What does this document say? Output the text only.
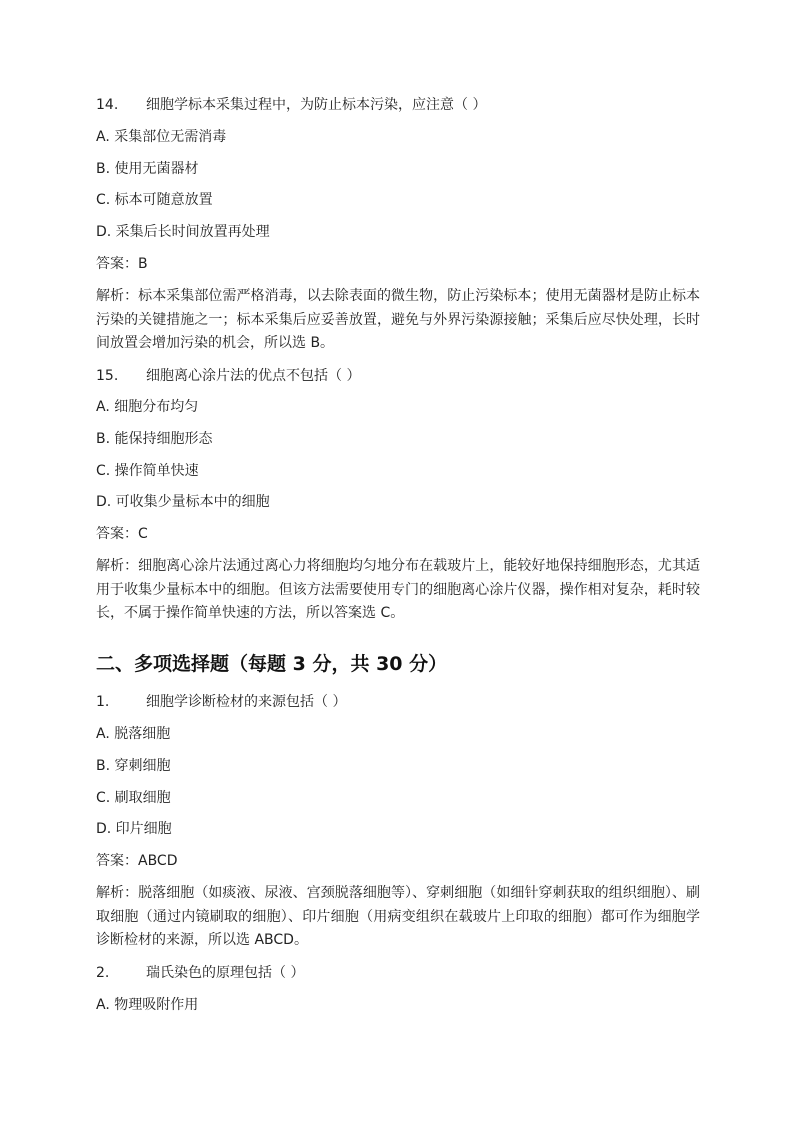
14. 细胞学标本采集过程中，为防止标本污染，应注意（ ）
A. 采集部位无需消毒
B. 使用无菌器材
C. 标本可随意放置
D. 采集后长时间放置再处理
答案：B
解析：标本采集部位需严格消毒，以去除表面的微生物，防止污染标本；使用无菌器材是防止标本污染的关键措施之一；标本采集后应妥善放置，避免与外界污染源接触；采集后应尽快处理，长时间放置会增加污染的机会，所以选 B。
15. 细胞离心涂片法的优点不包括（ ）
A. 细胞分布均匀
B. 能保持细胞形态
C. 操作简单快速
D. 可收集少量标本中的细胞
答案：C
解析：细胞离心涂片法通过离心力将细胞均匀地分布在载玻片上，能较好地保持细胞形态，尤其适用于收集少量标本中的细胞。但该方法需要使用专门的细胞离心涂片仪器，操作相对复杂，耗时较长，不属于操作简单快速的方法，所以答案选 C。
二、多项选择题（每题 3 分，共 30 分）
1.	细胞学诊断检材的来源包括（ ）
A. 脱落细胞
B. 穿刺细胞
C. 刷取细胞
D. 印片细胞
答案：ABCD
解析：脱落细胞（如痰液、尿液、宫颈脱落细胞等）、穿刺细胞（如细针穿刺获取的组织细胞）、刷取细胞（通过内镜刷取的细胞）、印片细胞（用病变组织在载玻片上印取的细胞）都可作为细胞学诊断检材的来源，所以选 ABCD。
2.	瑞氏染色的原理包括（ ）
A. 物理吸附作用
